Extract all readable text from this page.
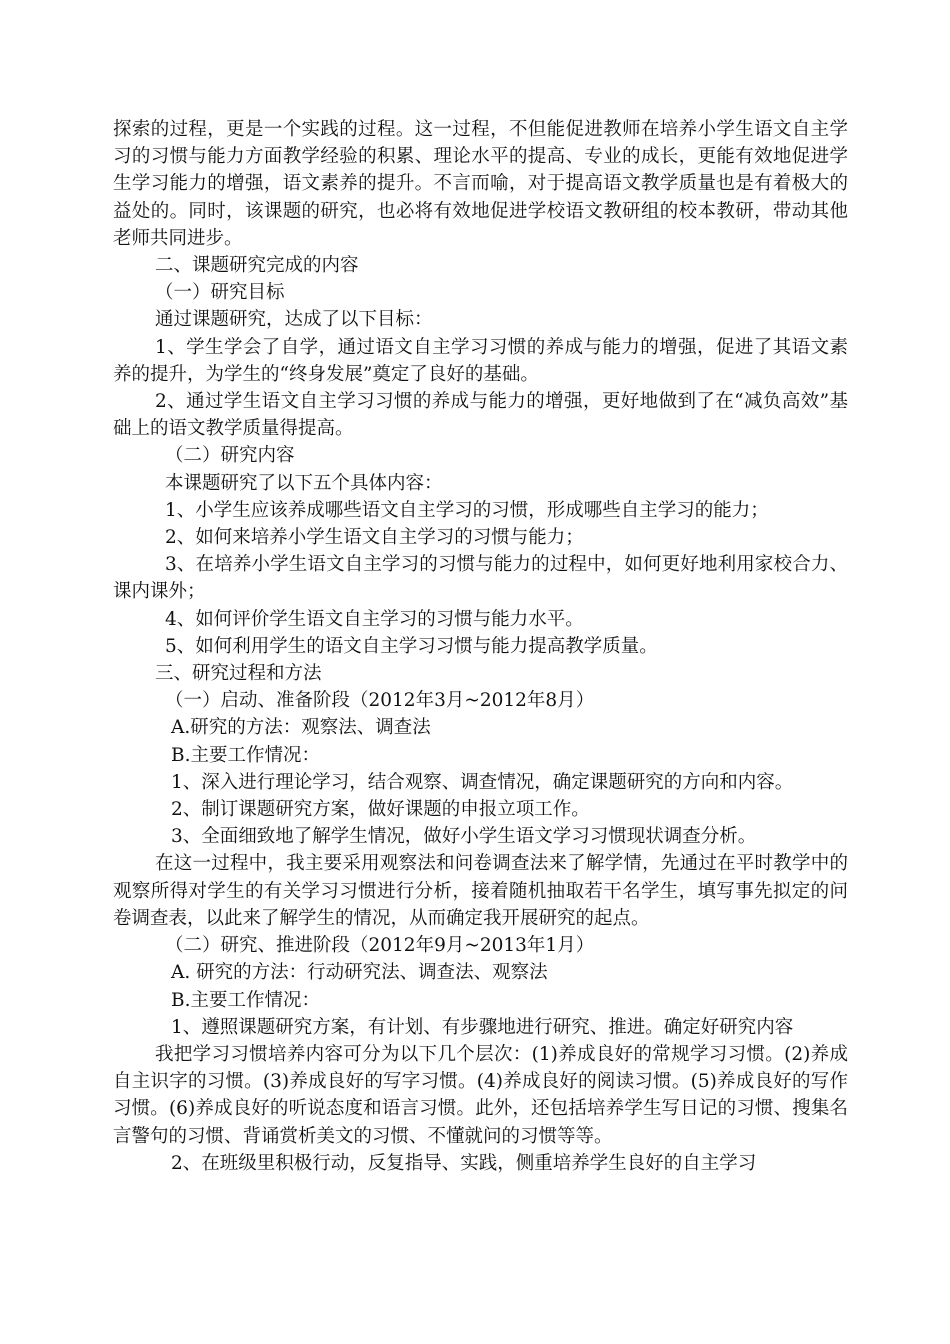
探索的过程，更是一个实践的过程。这一过程，不但能促进教师在培养小学生语文自主学习的习惯与能力方面教学经验的积累、理论水平的提高、专业的成长，更能有效地促进学生学习能力的增强，语文素养的提升。不言而喻，对于提高语文教学质量也是有着极大的益处的。同时，该课题的研究，也必将有效地促进学校语文教研组的校本教研，带动其他老师共同进步。

二、课题研究完成的内容

（一）研究目标

通过课题研究，达成了以下目标：

1、学生学会了自学，通过语文自主学习习惯的养成与能力的增强，促进了其语文素养的提升，为学生的“终身发展”奠定了良好的基础。

2、通过学生语文自主学习习惯的养成与能力的增强，更好地做到了在“减负高效”基础上的语文教学质量得提高。

（二）研究内容

本课题研究了以下五个具体内容：

1、小学生应该养成哪些语文自主学习的习惯，形成哪些自主学习的能力；

2、如何来培养小学生语文自主学习的习惯与能力；

3、在培养小学生语文自主学习的习惯与能力的过程中，如何更好地利用家校合力、课内课外；

4、如何评价学生语文自主学习的习惯与能力水平。

5、如何利用学生的语文自主学习习惯与能力提高教学质量。

三、研究过程和方法

（一）启动、准备阶段（2012年3月~2012年8月）

A.研究的方法：观察法、调查法

B.主要工作情况：

1、深入进行理论学习，结合观察、调查情况，确定课题研究的方向和内容。

2、制订课题研究方案，做好课题的申报立项工作。

3、全面细致地了解学生情况，做好小学生语文学习习惯现状调查分析。

在这一过程中，我主要采用观察法和问卷调查法来了解学情，先通过在平时教学中的观察所得对学生的有关学习习惯进行分析，接着随机抽取若干名学生，填写事先拟定的问卷调查表，以此来了解学生的情况，从而确定我开展研究的起点。

（二）研究、推进阶段（2012年9月~2013年1月）

A. 研究的方法：行动研究法、调查法、观察法

B.主要工作情况：

1、遵照课题研究方案，有计划、有步骤地进行研究、推进。确定好研究内容

我把学习习惯培养内容可分为以下几个层次：(1)养成良好的常规学习习惯。(2)养成自主识字的习惯。(3)养成良好的写字习惯。(4)养成良好的阅读习惯。(5)养成良好的写作习惯。(6)养成良好的听说态度和语言习惯。此外，还包括培养学生写日记的习惯、搜集名言警句的习惯、背诵赏析美文的习惯、不懂就问的习惯等等。

2、在班级里积极行动，反复指导、实践，侧重培养学生良好的自主学习
